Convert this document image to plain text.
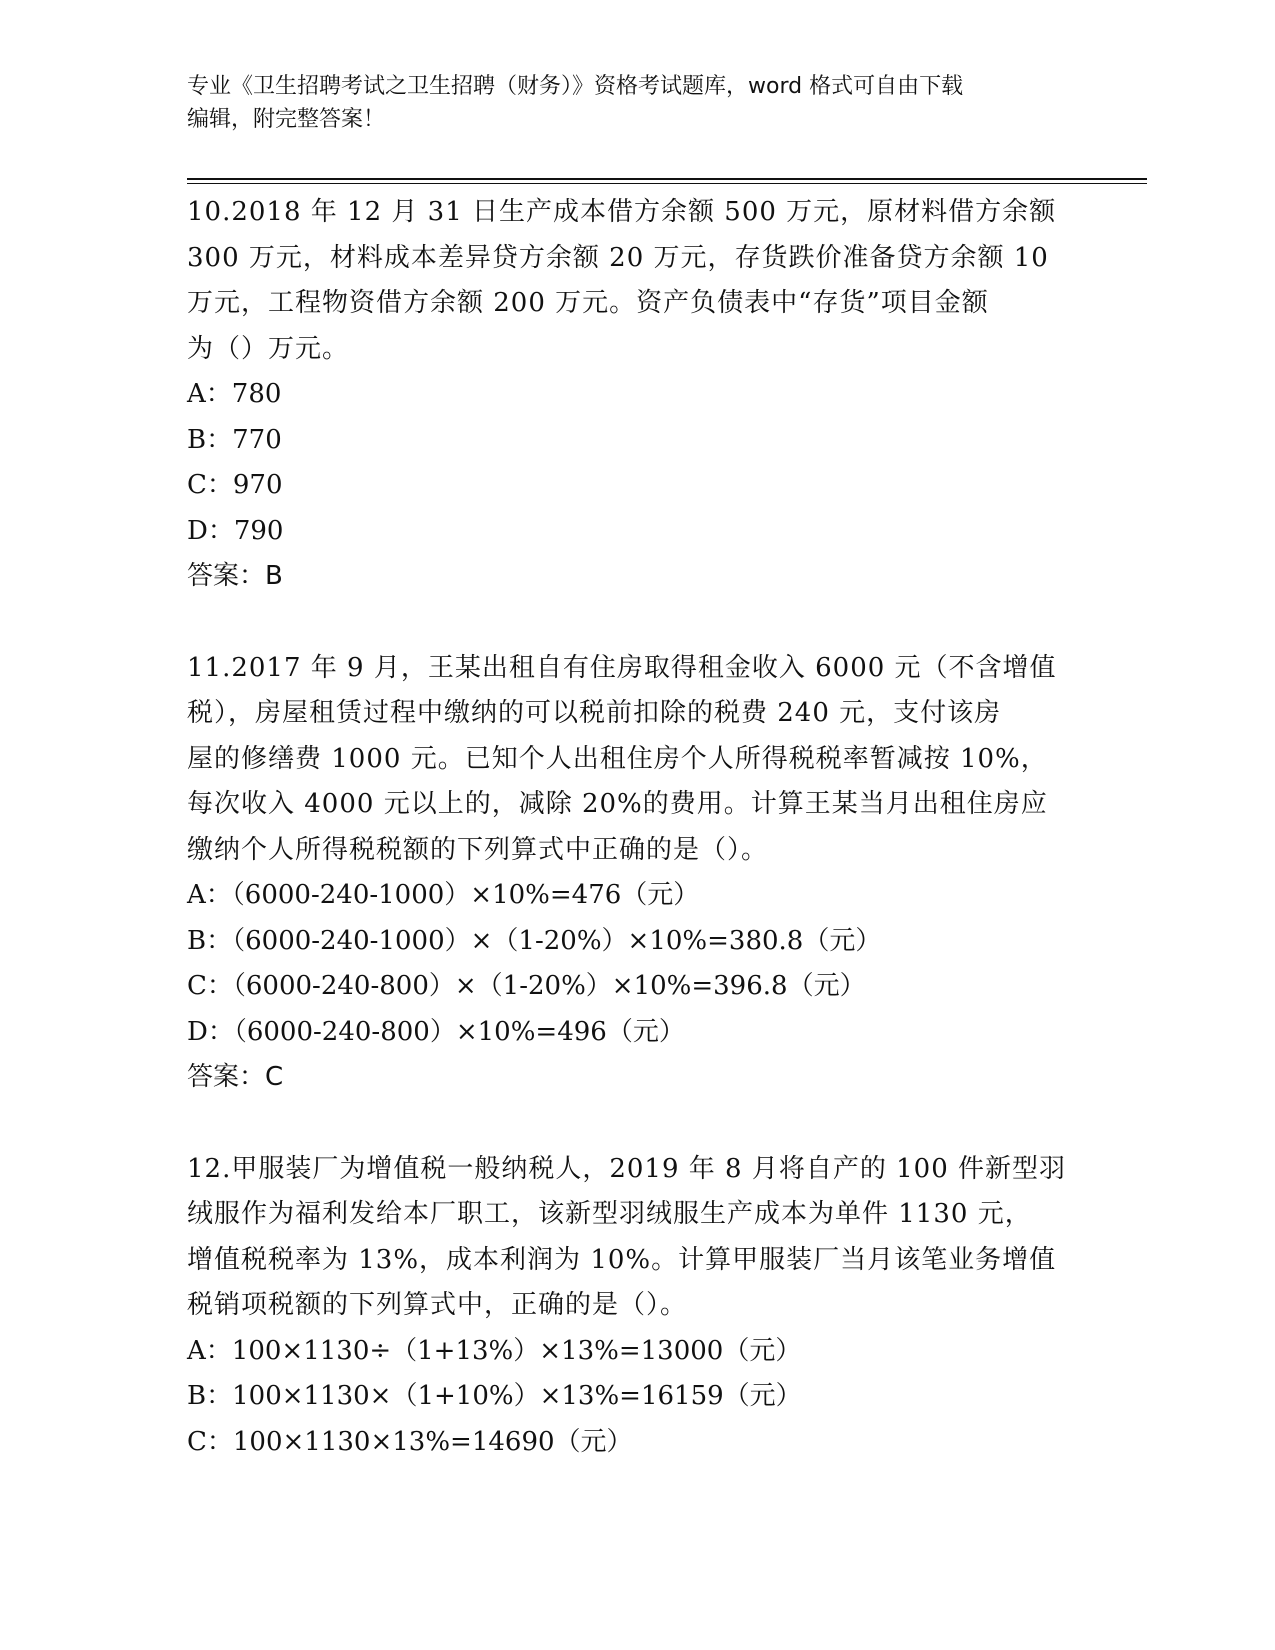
专业《卫生招聘考试之卫生招聘（财务）》资格考试题库，word 格式可自由下载
编辑，附完整答案！
10.2018 年 12 月 31 日生产成本借方余额 500 万元，原材料借方余额
300 万元，材料成本差异贷方余额 20 万元，存货跌价准备贷方余额 10
万元，工程物资借方余额 200 万元。资产负债表中“存货”项目金额
为（）万元。
A：780
B：770
C：970
D：790
答案：B
11.2017 年 9 月，王某出租自有住房取得租金收入 6000 元（不含增值
税），房屋租赁过程中缴纳的可以税前扣除的税费 240 元，支付该房
屋的修缮费 1000 元。已知个人出租住房个人所得税税率暂减按 10%，
每次收入 4000 元以上的，减除 20%的费用。计算王某当月出租住房应
缴纳个人所得税税额的下列算式中正确的是（）。
A：（6000-240-1000）×10%=476（元）
B：（6000-240-1000）×（1-20%）×10%=380.8（元）
C：（6000-240-800）×（1-20%）×10%=396.8（元）
D：（6000-240-800）×10%=496（元）
答案：C
12.甲服装厂为增值税一般纳税人，2019 年 8 月将自产的 100 件新型羽
绒服作为福利发给本厂职工，该新型羽绒服生产成本为单件 1130 元，
增值税税率为 13%，成本利润为 10%。计算甲服装厂当月该笔业务增值
税销项税额的下列算式中，正确的是（）。
A：100×1130÷（1+13%）×13%=13000（元）
B：100×1130×（1+10%）×13%=16159（元）
C：100×1130×13%=14690（元）
